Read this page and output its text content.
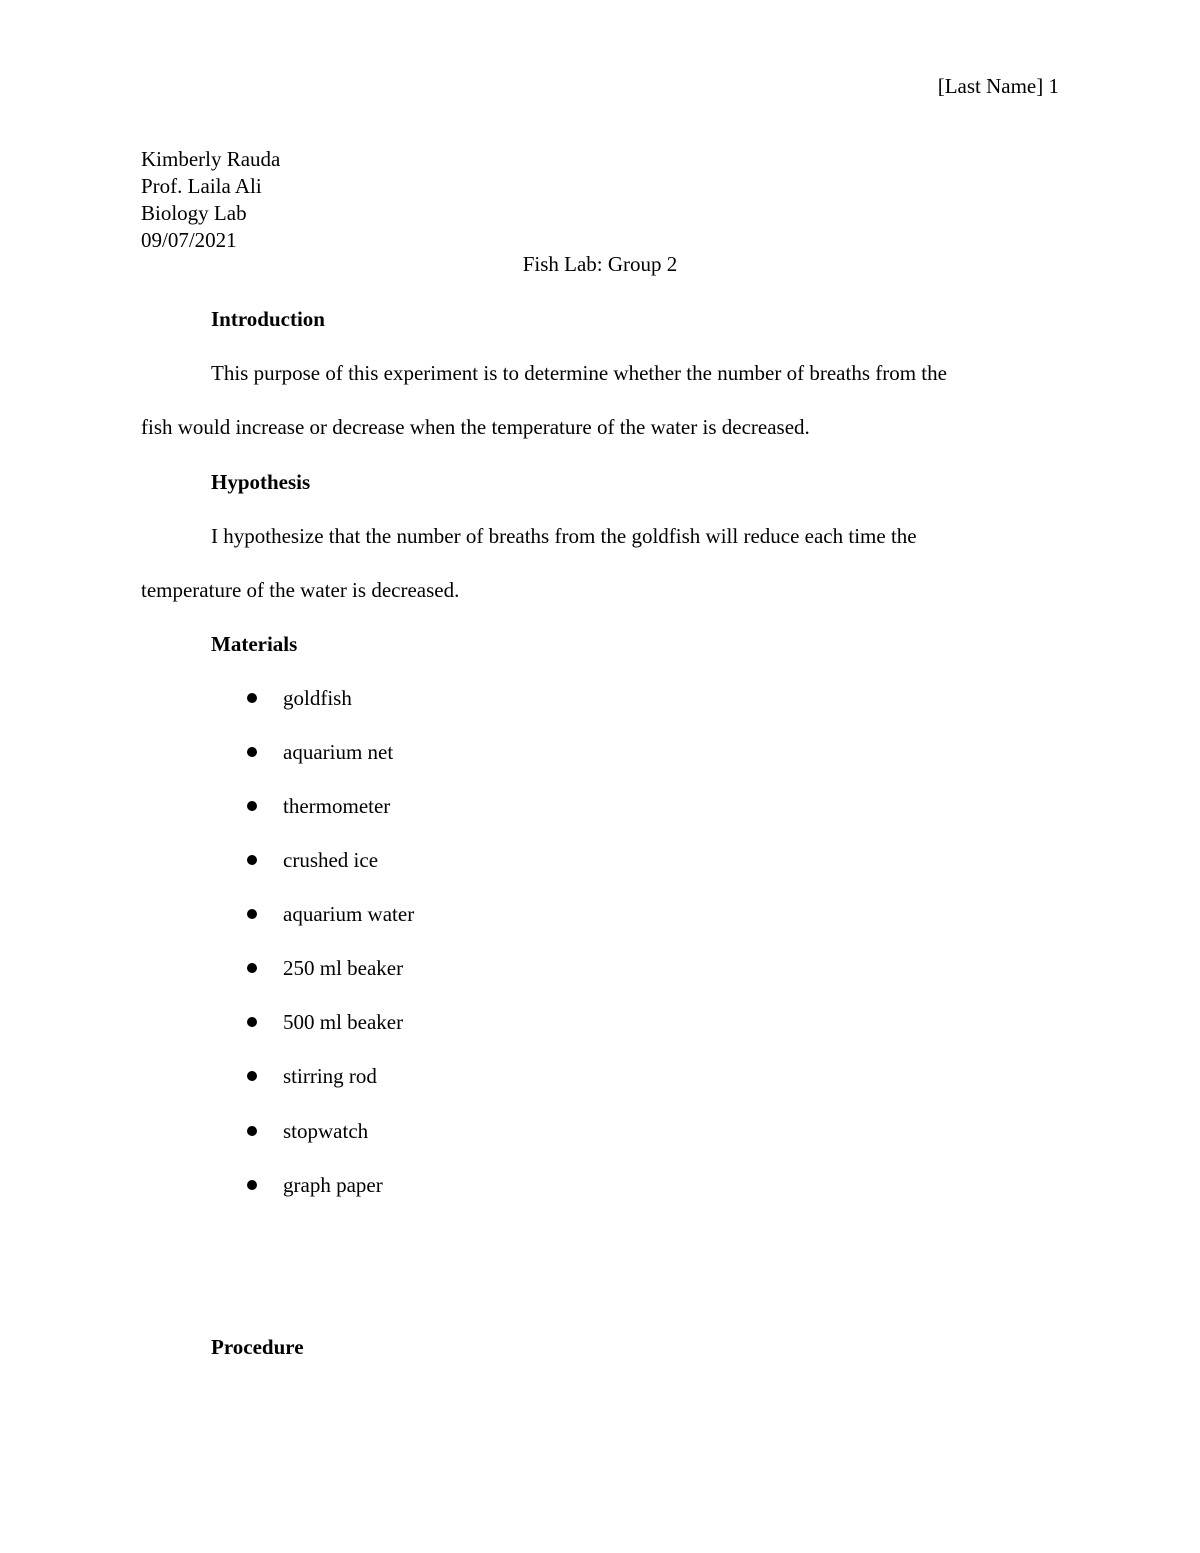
[Last Name] 1
Kimberly Rauda
Prof. Laila Ali
Biology Lab
09/07/2021
Fish Lab: Group 2
Introduction
This purpose of this experiment is to determine whether the number of breaths from the
fish would increase or decrease when the temperature of the water is decreased.
Hypothesis
I hypothesize that the number of breaths from the goldfish will reduce each time the
temperature of the water is decreased.
Materials
goldfish
aquarium net
thermometer
crushed ice
aquarium water
250 ml beaker
500 ml beaker
stirring rod
stopwatch
graph paper
Procedure
